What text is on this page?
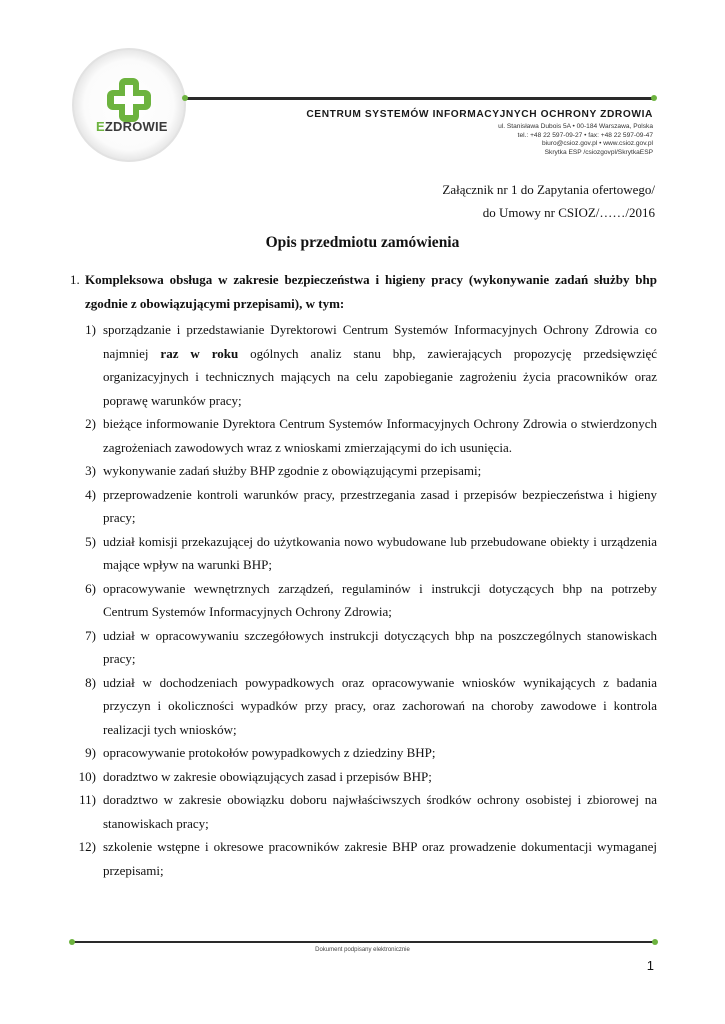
EZDROWIE
CENTRUM SYSTEMÓW INFORMACYJNYCH OCHRONY ZDROWIA
ul. Stanisława Dubois 5A • 00-184 Warszawa, Polska
tel.: +48 22 597-09-27 • fax: +48 22 597-09-47
biuro@csioz.gov.pl • www.csioz.gov.pl
Skrytka ESP /csiozgovpl/SkrytkaESP
Załącznik nr 1 do Zapytania ofertowego/
do Umowy nr CSIOZ/……/2016
Opis przedmiotu zamówienia
1. Kompleksowa obsługa w zakresie bezpieczeństwa i higieny pracy (wykonywanie zadań służby bhp zgodnie z obowiązującymi przepisami), w tym:
1) sporządzanie i przedstawianie Dyrektorowi Centrum Systemów Informacyjnych Ochrony Zdrowia co najmniej raz w roku ogólnych analiz stanu bhp, zawierających propozycję przedsięwzięć organizacyjnych i technicznych mających na celu zapobieganie zagrożeniu życia pracowników oraz poprawę warunków pracy;
2) bieżące informowanie Dyrektora Centrum Systemów Informacyjnych Ochrony Zdrowia o stwierdzonych zagrożeniach zawodowych wraz z wnioskami zmierzającymi do ich usunięcia.
3) wykonywanie zadań służby BHP zgodnie z obowiązującymi przepisami;
4) przeprowadzenie kontroli warunków pracy, przestrzegania zasad i przepisów bezpieczeństwa i higieny pracy;
5) udział komisji przekazującej do użytkowania nowo wybudowane lub przebudowane obiekty i urządzenia mające wpływ na warunki BHP;
6) opracowywanie wewnętrznych zarządzeń, regulaminów i instrukcji dotyczących bhp na potrzeby Centrum Systemów Informacyjnych Ochrony Zdrowia;
7) udział w opracowywaniu szczegółowych instrukcji dotyczących bhp na poszczególnych stanowiskach pracy;
8) udział w dochodzeniach powypadkowych oraz opracowywanie wniosków wynikających z badania przyczyn i okoliczności wypadków przy pracy, oraz zachorowań na choroby zawodowe i kontrola realizacji tych wniosków;
9) opracowywanie protokołów powypadkowych z dziedziny BHP;
10) doradztwo w zakresie obowiązujących zasad i przepisów BHP;
11) doradztwo w zakresie obowiązku doboru najwłaściwszych środków ochrony osobistej i zbiorowej na stanowiskach pracy;
12) szkolenie wstępne i okresowe pracowników zakresie BHP oraz prowadzenie dokumentacji wymaganej przepisami;
Dokument podpisany elektronicznie
1
